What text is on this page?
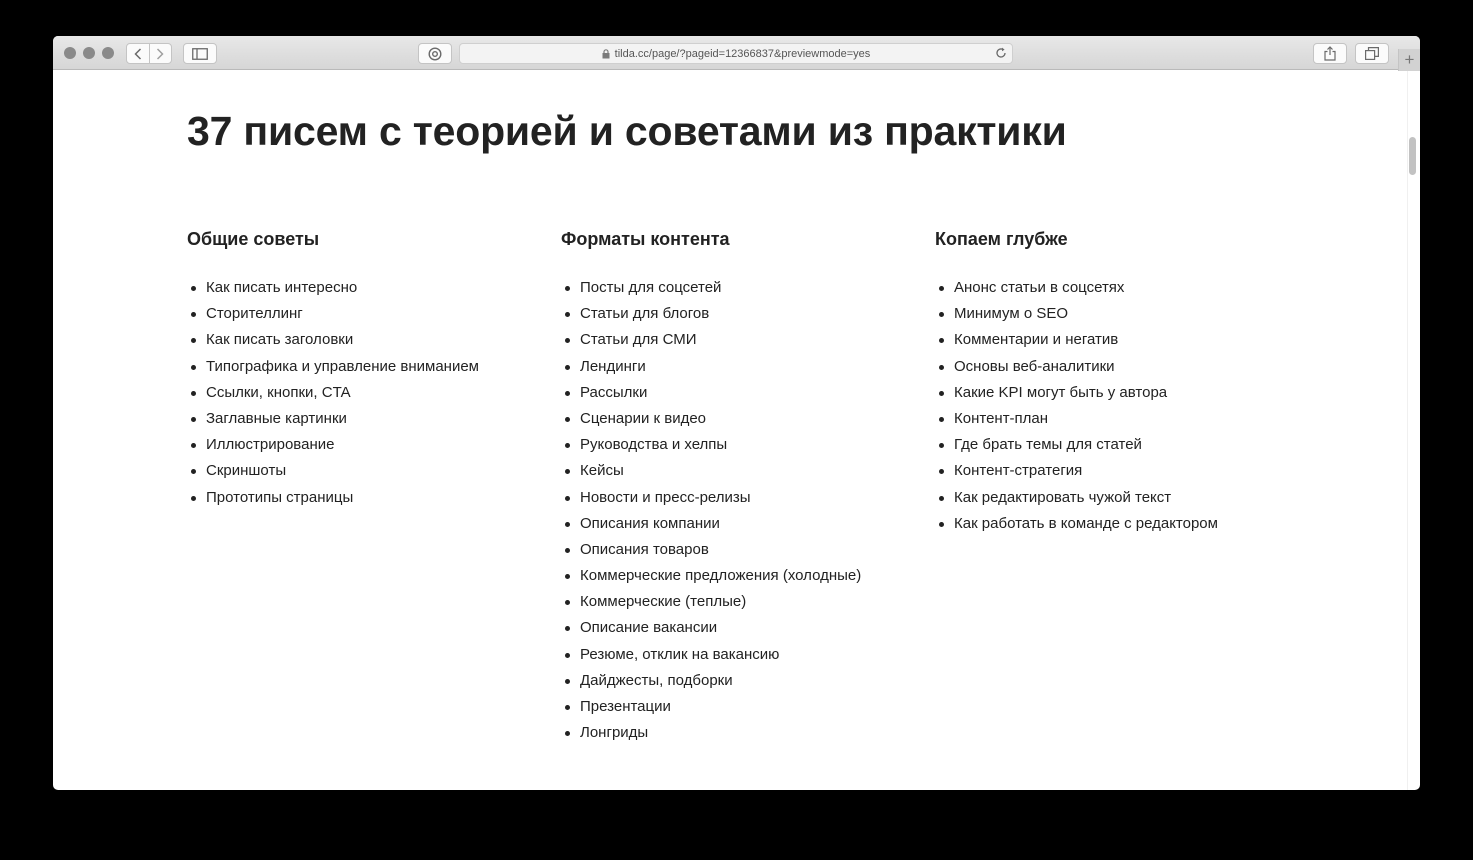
tilda.cc/page/?pageid=12366837&previewmode=yes	+
37 писем с теорией и советами из практики
Общие советы
Как писать интересно
Сторителлинг
Как писать заголовки
Типографика и управление вниманием
Ссылки, кнопки, CTA
Заглавные картинки
Иллюстрирование
Скриншоты
Прототипы страницы
Форматы контента
Посты для соцсетей
Статьи для блогов
Статьи для СМИ
Лендинги
Рассылки
Сценарии к видео
Руководства и хелпы
Кейсы
Новости и пресс-релизы
Описания компании
Описания товаров
Коммерческие предложения (холодные)
Коммерческие (теплые)
Описание вакансии
Резюме, отклик на вакансию
Дайджесты, подборки
Презентации
Лонгриды
Копаем глубже
Анонс статьи в соцсетях
Минимум о SEO
Комментарии и негатив
Основы веб-аналитики
Какие KPI могут быть у автора
Контент-план
Где брать темы для статей
Контент-стратегия
Как редактировать чужой текст
Как работать в команде с редактором
